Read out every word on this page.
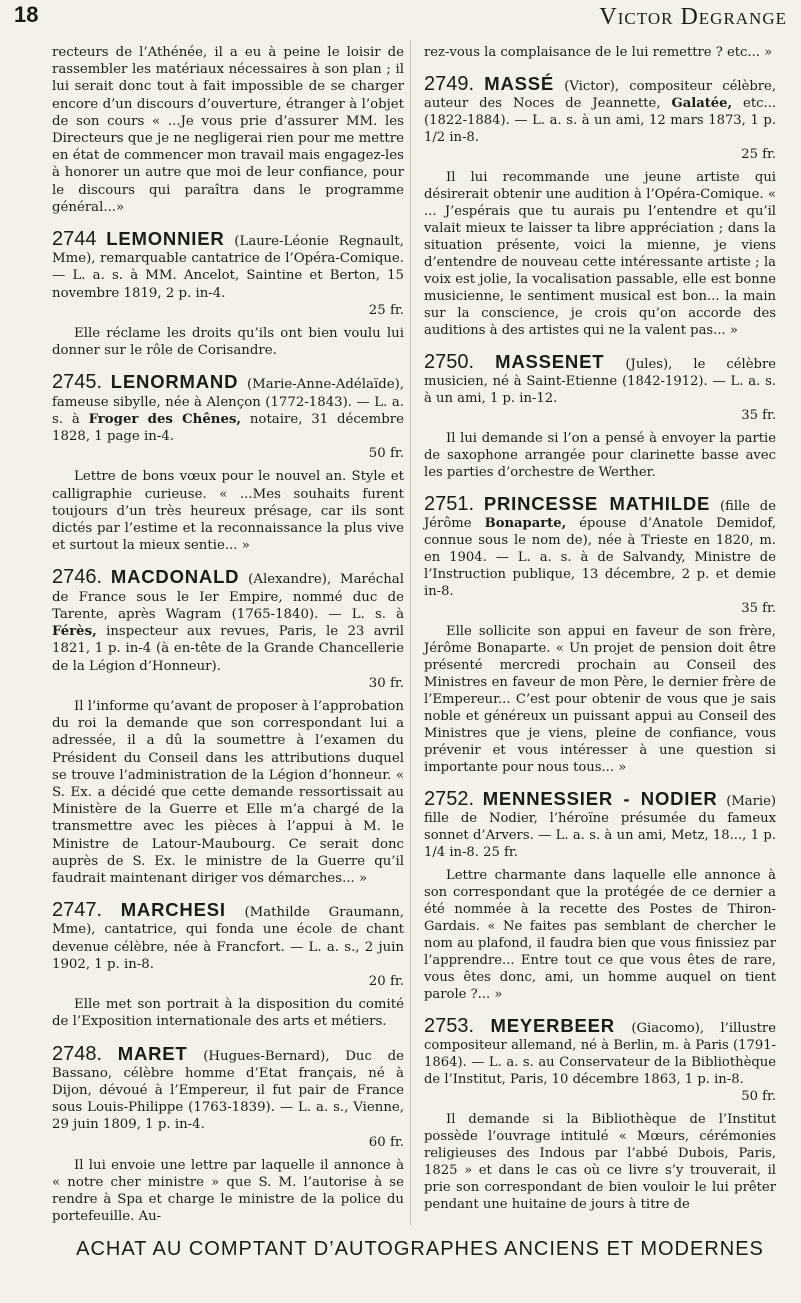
18	Victor Degrange

recteurs de l’Athénée, il a eu à peine le loisir de rassembler les matériaux nécessaires à son plan ; il lui serait donc tout à fait impossible de se charger encore d’un discours d’ouverture, étranger à l’objet de son cours « ...Je vous prie d’assurer MM. les Directeurs que je ne negligerai rien pour me mettre en état de commencer mon travail mais engagez-les à honorer un autre que moi de leur confiance, pour le discours qui paraîtra dans le programme général...»

2744 LEMONNIER (Laure-Léonie Regnault, Mme), remarquable cantatrice de l’Opéra-Comique. — L. a. s. à MM. Ancelot, Saintine et Berton, 15 novembre 1819, 2 p. in-4.

25 fr.

Elle réclame les droits qu’ils ont bien voulu lui donner sur le rôle de Corisandre.

2745. LENORMAND (Marie-Anne-Adélaïde), fameuse sibylle, née à Alençon (1772-1843). — L. a. s. à Froger des Chênes, notaire, 31 décembre 1828, 1 page in-4.

50 fr.

Lettre de bons vœux pour le nouvel an. Style et calligraphie curieuse. « ...Mes souhaits furent toujours d’un très heureux présage, car ils sont dictés par l’estime et la reconnaissance la plus vive et surtout la mieux sentie... »

2746. MACDONALD (Alexandre), Maréchal de France sous le Ier Empire, nommé duc de Tarente, après Wagram (1765-1840). — L. s. à Férès, inspecteur aux revues, Paris, le 23 avril 1821, 1 p. in-4 (à en-tête de la Grande Chancellerie de la Légion d’Honneur).

30 fr.

Il l’informe qu’avant de proposer à l’approbation du roi la demande que son correspondant lui a adressée, il a dû la soumettre à l’examen du Président du Conseil dans les attributions duquel se trouve l’administration de la Légion d’honneur. « S. Ex. a décidé que cette demande ressortissait au Ministère de la Guerre et Elle m’a chargé de la transmettre avec les pièces à l’appui à M. le Ministre de Latour-Maubourg. Ce serait donc auprès de S. Ex. le ministre de la Guerre qu’il faudrait maintenant diriger vos démarches... »

2747. MARCHESI (Mathilde Graumann, Mme), cantatrice, qui fonda une école de chant devenue célèbre, née à Francfort. — L. a. s., 2 juin 1902, 1 p. in-8.

20 fr.

Elle met son portrait à la disposition du comité de l’Exposition internationale des arts et métiers.

2748. MARET (Hugues-Bernard), Duc de Bassano, célèbre homme d’Etat français, né à Dijon, dévoué à l’Empereur, il fut pair de France sous Louis-Philippe (1763-1839). — L. a. s., Vienne, 29 juin 1809, 1 p. in-4.

60 fr.

Il lui envoie une lettre par laquelle il annonce à « notre cher ministre » que S. M. l’autorise à se rendre à Spa et charge le ministre de la police du portefeuille. Au-

rez-vous la complaisance de le lui remettre ? etc... »

2749. MASSÉ (Victor), compositeur célèbre, auteur des Noces de Jeannette, Galatée, etc... (1822-1884). — L. a. s. à un ami, 12 mars 1873, 1 p. 1/2 in-8.

25 fr.

Il lui recommande une jeune artiste qui désirerait obtenir une audition à l’Opéra-Comique. « ... J’espérais que tu aurais pu l’entendre et qu’il valait mieux te laisser ta libre appréciation ; dans la situation présente, voici la mienne, je viens d’entendre de nouveau cette intéressante artiste ; la voix est jolie, la vocalisation passable, elle est bonne musicienne, le sentiment musical est bon... la main sur la conscience, je crois qu’on accorde des auditions à des artistes qui ne la valent pas... »

2750. MASSENET (Jules), le célèbre musicien, né à Saint-Etienne (1842-1912). — L. a. s. à un ami, 1 p. in-12.

35 fr.

Il lui demande si l’on a pensé à envoyer la partie de saxophone arrangée pour clarinette basse avec les parties d’orchestre de Werther.

2751. PRINCESSE MATHILDE (fille de Jérôme Bonaparte, épouse d’Anatole Demidof, connue sous le nom de), née à Trieste en 1820, m. en 1904. — L. a. s. à de Salvandy, Ministre de l’Instruction publique, 13 décembre, 2 p. et demie in-8.

35 fr.

Elle sollicite son appui en faveur de son frère, Jérôme Bonaparte. « Un projet de pension doit être présenté mercredi prochain au Conseil des Ministres en faveur de mon Père, le dernier frère de l’Empereur... C’est pour obtenir de vous que je sais noble et généreux un puissant appui au Conseil des Ministres que je viens, pleine de confiance, vous prévenir et vous intéresser à une question si importante pour nous tous... »

2752. MENNESSIER - NODIER (Marie) fille de Nodier, l’héroïne présumée du fameux sonnet d’Arvers. — L. a. s. à un ami, Metz, 18..., 1 p. 1/4 in-8. 25 fr.

Lettre charmante dans laquelle elle annonce à son correspondant que la protégée de ce dernier a été nommée à la recette des Postes de Thiron-Gardais. « Ne faites pas semblant de chercher le nom au plafond, il faudra bien que vous finissiez par l’apprendre... Entre tout ce que vous êtes de rare, vous êtes donc, ami, un homme auquel on tient parole ?... »

2753. MEYERBEER (Giacomo), l’illustre compositeur allemand, né à Berlin, m. à Paris (1791-1864). — L. a. s. au Conservateur de la Bibliothèque de l’Institut, Paris, 10 décembre 1863, 1 p. in-8.

50 fr.

Il demande si la Bibliothèque de l’Institut possède l’ouvrage intitulé « Mœurs, cérémonies religieuses des Indous par l’abbé Dubois, Paris, 1825 » et dans le cas où ce livre s’y trouverait, il prie son correspondant de bien vouloir le lui prêter pendant une huitaine de jours à titre de

ACHAT AU COMPTANT D’AUTOGRAPHES ANCIENS ET MODERNES
